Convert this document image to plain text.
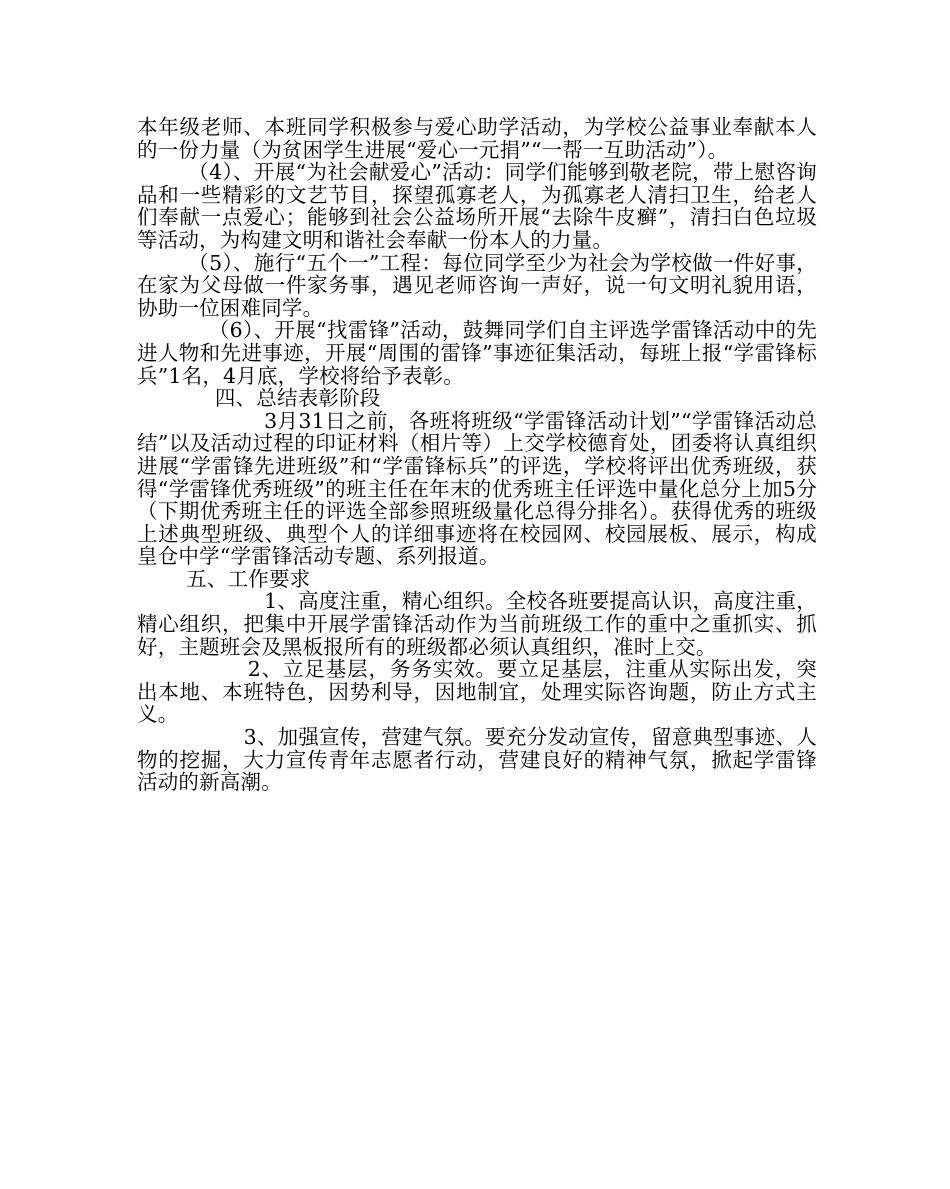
本年级老师、本班同学积极参与爱心助学活动，为学校公益事业奉献本人的一份力量（为贫困学生进展“爱心一元捐”“一帮一互助活动”）。

（4）、开展“为社会献爱心”活动：同学们能够到敬老院，带上慰咨询品和一些精彩的文艺节目，探望孤寡老人，为孤寡老人清扫卫生，给老人们奉献一点爱心；能够到社会公益场所开展“去除牛皮癣”，清扫白色垃圾等活动，为构建文明和谐社会奉献一份本人的力量。

（5）、施行“五个一”工程：每位同学至少为社会为学校做一件好事，在家为父母做一件家务事，遇见老师咨询一声好，说一句文明礼貌用语，协助一位困难同学。

（6）、开展“找雷锋”活动，鼓舞同学们自主评选学雷锋活动中的先进人物和先进事迹，开展“周围的雷锋”事迹征集活动，每班上报“学雷锋标兵”1名，4月底，学校将给予表彰。

四、总结表彰阶段

3月31日之前，各班将班级“学雷锋活动计划”“学雷锋活动总结”以及活动过程的印证材料（相片等）上交学校德育处，团委将认真组织进展“学雷锋先进班级”和“学雷锋标兵”的评选，学校将评出优秀班级，获得“学雷锋优秀班级”的班主任在年末的优秀班主任评选中量化总分上加5分（下期优秀班主任的评选全部参照班级量化总得分排名）。获得优秀的班级上述典型班级、典型个人的详细事迹将在校园网、校园展板、展示，构成皇仓中学“学雷锋活动专题、系列报道。

五、工作要求

1、高度注重，精心组织。全校各班要提高认识，高度注重，精心组织，把集中开展学雷锋活动作为当前班级工作的重中之重抓实、抓好，主题班会及黑板报所有的班级都必须认真组织，准时上交。

2、立足基层，务务实效。要立足基层，注重从实际出发，突出本地、本班特色，因势利导，因地制宜，处理实际咨询题，防止方式主义。

3、加强宣传，营建气氛。要充分发动宣传，留意典型事迹、人物的挖掘，大力宣传青年志愿者行动，营建良好的精神气氛，掀起学雷锋活动的新高潮。
